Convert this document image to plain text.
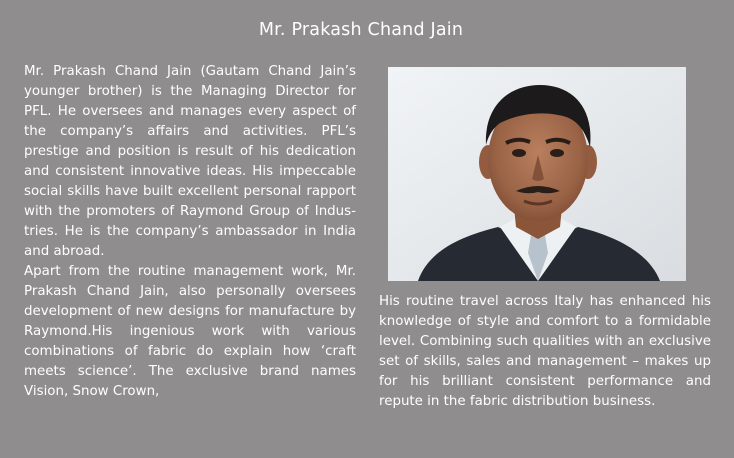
Mr. Prakash Chand Jain

Mr. Prakash Chand Jain (Gautam Chand Jain’s younger brother) is the Managing Director for PFL. He oversees and manages every aspect of the company’s affairs and activities. PFL’s prestige and position is result of his dedication and consistent innovative ideas. His impeccable social skills have built excellent personal rapport with the promoters of Raymond Group of Industries. He is the company’s ambassador in India and abroad.

Apart from the routine management work, Mr. Prakash Chand Jain, also personally oversees development of new designs for manufacture by Raymond.His ingenious work with various combinations of fabric do explain how ‘craft meets science’. The exclusive brand names Vision, Snow Crown,

His routine travel across Italy has enhanced his knowledge of style and comfort to a formidable level. Combining such qualities with an exclusive set of skills, sales and management – makes up for his brilliant consistent performance and repute in the fabric distribution business.
